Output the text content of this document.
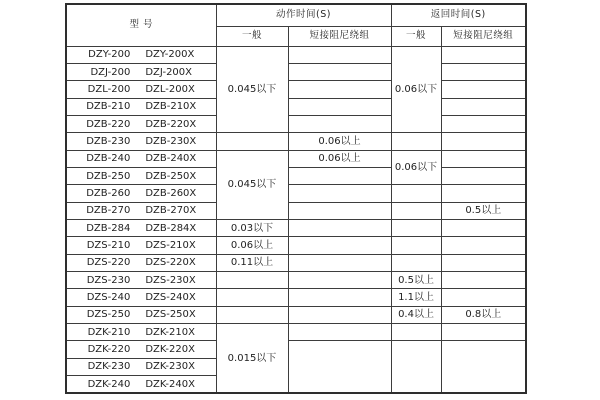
型 号	动作时间(S)		返回时间(S)	
	一般	短接阻尼绕组	一般	短接阻尼绕组
DZY-200 DZY-200X	0.045以下		0.06以下	
DZJ-200 DZJ-200X				
DZL-200 DZL-200X				
DZB-210 DZB-210X				
DZB-220 DZB-220X				
DZB-230 DZB-230X		0.06以上		
DZB-240 DZB-240X	0.045以下	0.06以上	0.06以下	
DZB-250 DZB-250X				
DZB-260 DZB-260X				
DZB-270 DZB-270X				0.5以上
DZB-284 DZB-284X	0.03以下			
DZS-210 DZS-210X	0.06以上			
DZS-220 DZS-220X	0.11以上			
DZS-230 DZS-230X			0.5以上	
DZS-240 DZS-240X			1.1以上	
DZS-250 DZS-250X			0.4以上	0.8以上
DZK-210 DZK-210X	0.015以下			
DZK-220 DZK-220X				
DZK-230 DZK-230X				
DZK-240 DZK-240X				
